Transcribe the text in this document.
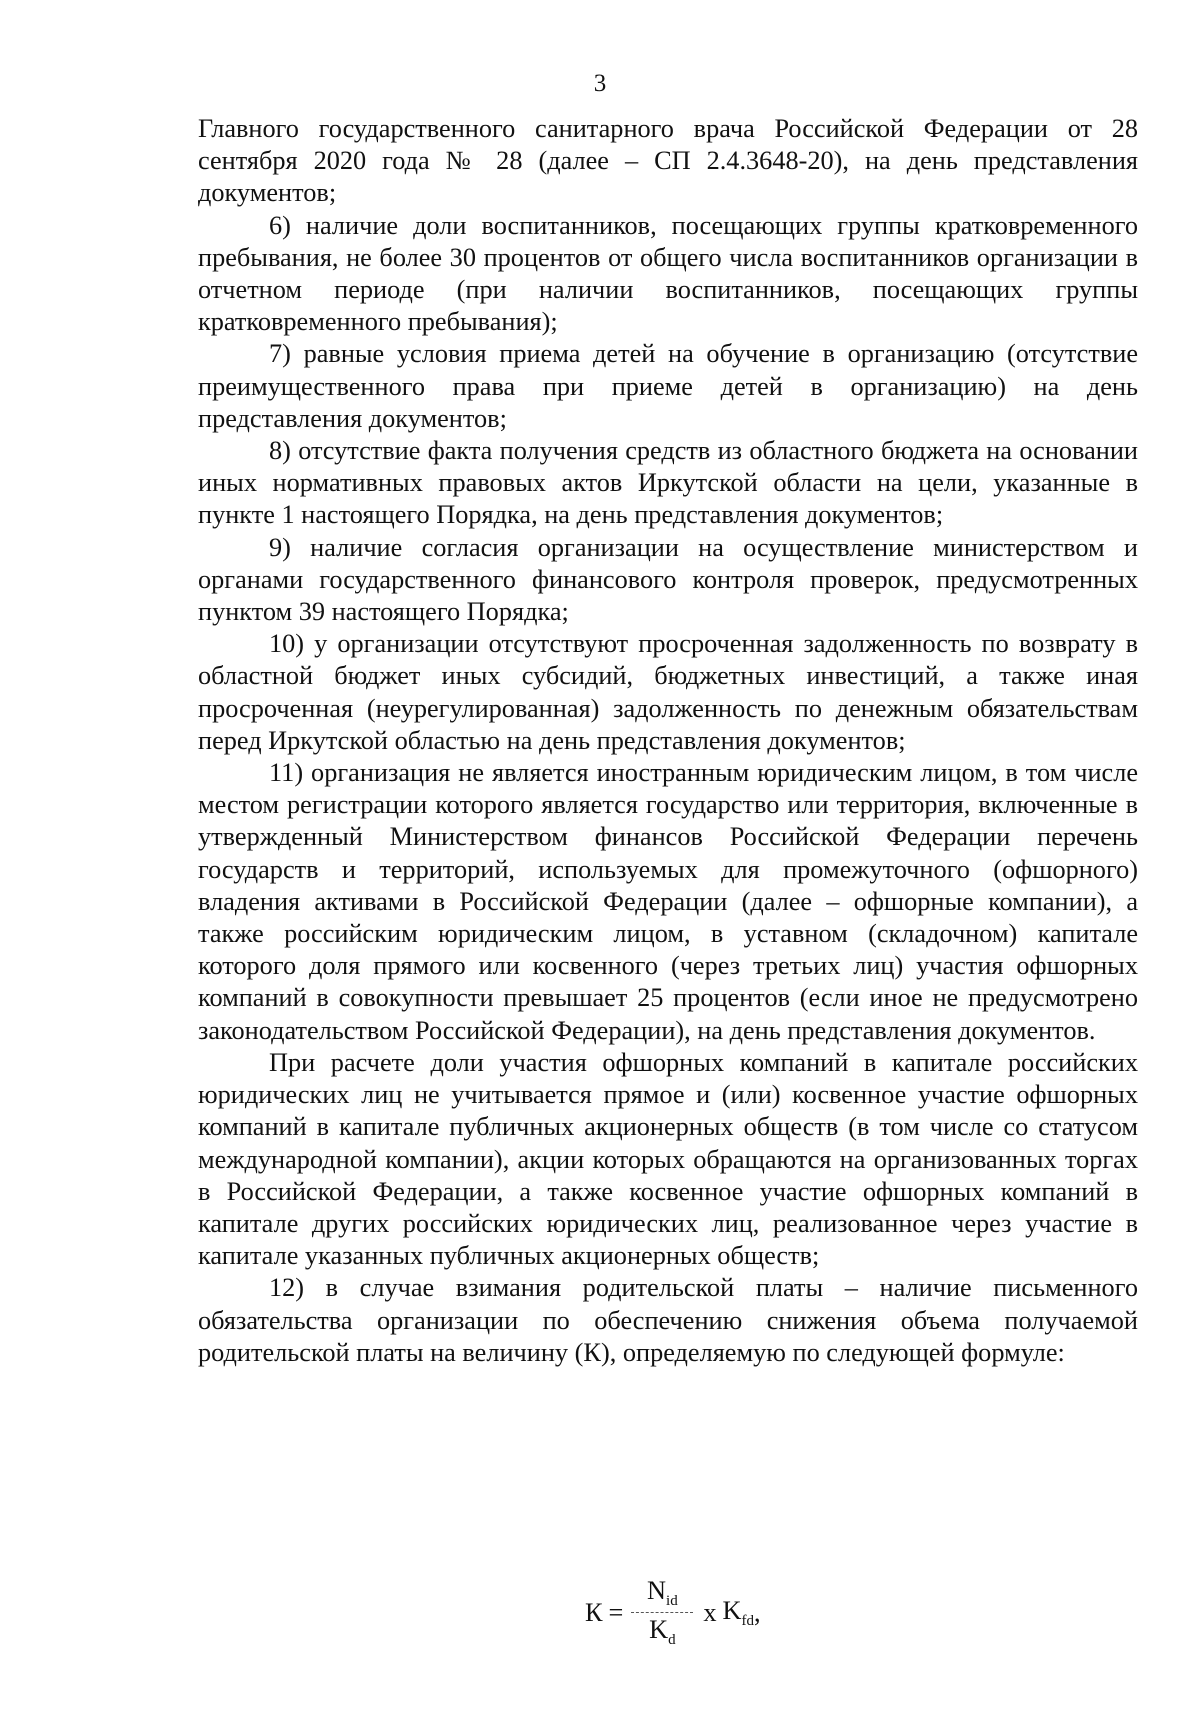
3

Главного государственного санитарного врача Российской Федерации от 28 сентября 2020 года № 28 (далее – СП 2.4.3648-20), на день представления документов;

6) наличие доли воспитанников, посещающих группы кратковременного пребывания, не более 30 процентов от общего числа воспитанников организации в отчетном периоде (при наличии воспитанников, посещающих группы кратковременного пребывания);

7) равные условия приема детей на обучение в организацию (отсутствие преимущественного права при приеме детей в организацию) на день представления документов;

8) отсутствие факта получения средств из областного бюджета на основании иных нормативных правовых актов Иркутской области на цели, указанные в пункте 1 настоящего Порядка, на день представления документов;

9) наличие согласия организации на осуществление министерством и органами государственного финансового контроля проверок, предусмотренных пунктом 39 настоящего Порядка;

10) у организации отсутствуют просроченная задолженность по возврату в областной бюджет иных субсидий, бюджетных инвестиций, а также иная просроченная (неурегулированная) задолженность по денежным обязательствам перед Иркутской областью на день представления документов;

11) организация не является иностранным юридическим лицом, в том числе местом регистрации которого является государство или территория, включенные в утвержденный Министерством финансов Российской Федерации перечень государств и территорий, используемых для промежуточного (офшорного) владения активами в Российской Федерации (далее – офшорные компании), а также российским юридическим лицом, в уставном (складочном) капитале которого доля прямого или косвенного (через третьих лиц) участия офшорных компаний в совокупности превышает 25 процентов (если иное не предусмотрено законодательством Российской Федерации), на день представления документов.

При расчете доли участия офшорных компаний в капитале российских юридических лиц не учитывается прямое и (или) косвенное участие офшорных компаний в капитале публичных акционерных обществ (в том числе со статусом международной компании), акции которых обращаются на организованных торгах в Российской Федерации, а также косвенное участие офшорных компаний в капитале других российских юридических лиц, реализованное через участие в капитале указанных публичных акционерных обществ;

12) в случае взимания родительской платы – наличие письменного обязательства организации по обеспечению снижения объема получаемой родительской платы на величину (К), определяемую по следующей формуле:

$К = \frac{N_{id}}{K_d}$ x $K_{fd}$ ,
